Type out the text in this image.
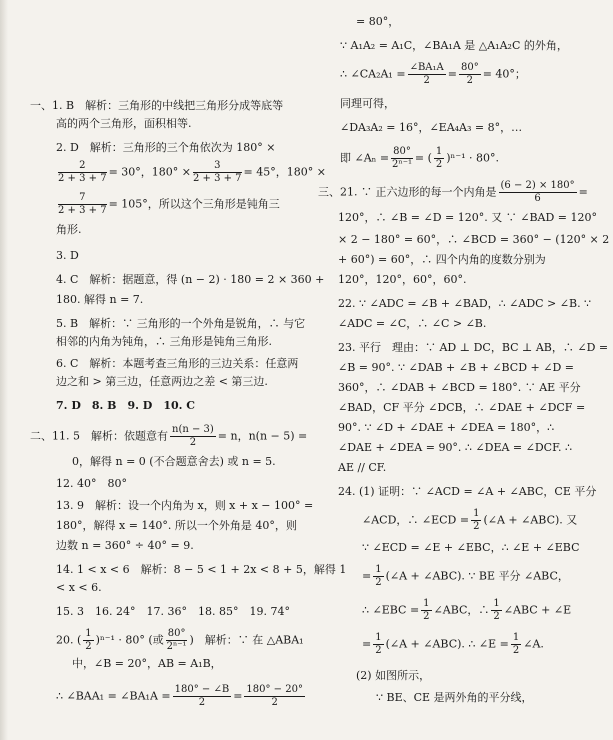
一、1. B　解析：三角形的中线把三角形分成等底等
高的两个三角形，面积相等.
2. D　解析：三角形的三个角依次为 180° ×
$\frac{2}{2 + 3 + 7} = 30^\circ$，$180^\circ \times \frac{3}{2 + 3 + 7} = 45^\circ$，180° ×
$\frac{7}{2 + 3 + 7} = 105^\circ$，所以这个三角形是钝角三
角形.
3. D
4. C　解析：据题意，得 (n − 2) · 180 = 2 × 360 +
180. 解得 n = 7.
5. B　解析：∵ 三角形的一个外角是锐角，∴ 与它
相邻的内角为钝角，∴ 三角形是钝角三角形.
6. C　解析：本题考查三角形的三边关系：任意两
边之和 > 第三边，任意两边之差 < 第三边.
7. D　8. B　9. D　10. C
二、11. 5　解析：依题意有 $\frac{n(n - 3)}{2} = n$，n(n − 5) =
0，解得 n = 0 (不合题意舍去) 或 n = 5.
12. 40°　80°
13. 9　解析：设一个内角为 x，则 x + x − 100° =
180°，解得 x = 140°. 所以一个外角是 40°，则
边数 n = 360° ÷ 40° = 9.
14. 1 < x < 6　解析：8 − 5 < 1 + 2x < 8 + 5，解得 1
< x < 6.
15. 3　16. 24°　17. 36°　18. 85°　19. 74°
20. ( $\frac{1}{2} )^{n-1} \cdot 80^\circ$ (或 $\frac{80^\circ}{\text{2ⁿ⁻¹}}$ )　解析：∵ 在 △ABA₁
中，∠B = 20°，AB = A₁B，
∴ ∠BAA₁ = ∠BA₁A = $\frac{180^\circ - \angle B}{2} = \frac{180^\circ - 20^\circ}{2}$
= 80°，
∵ A₁A₂ = A₁C，∠BA₁A 是 △A₁A₂C 的外角，
∴ ∠CA₂A₁ = $\frac{\text{∠BA₁A}}{2} = \frac{80^\circ}{2} = 40^\circ$；
同理可得，
∠DA₃A₂ = 16°，∠EA₄A₃ = 8°，…
即 ∠Aₙ = $\frac{80^\circ}{\text{2ⁿ⁻¹}}$ = ( $\frac{1}{2} )^{n-1} \cdot 80^\circ$.
三、21. ∵ 正六边形的每一个内角是 $\frac{(6 - 2) \times 180^\circ}{6}$ =
120°，∴ ∠B = ∠D = 120°. 又 ∵ ∠BAD = 120°
× 2 − 180° = 60°，∴ ∠BCD = 360° − (120° × 2
+ 60°) = 60°，∴ 四个内角的度数分别为
120°，120°，60°，60°.
22. ∵ ∠ADC = ∠B + ∠BAD，∴ ∠ADC > ∠B. ∵
∠ADC = ∠C，∴ ∠C > ∠B.
23. 平行　理由：∵ AD ⊥ DC，BC ⊥ AB，∴ ∠D =
∠B = 90°. ∵ ∠DAB + ∠B + ∠BCD + ∠D =
360°，∴ ∠DAB + ∠BCD = 180°. ∵ AE 平分
∠BAD，CF 平分 ∠DCB，∴ ∠DAE + ∠DCF =
90°. ∵ ∠D + ∠DAE + ∠DEA = 180°，∴
∠DAE + ∠DEA = 90°. ∴ ∠DEA = ∠DCF. ∴
AE // CF.
24. (1) 证明：∵ ∠ACD = ∠A + ∠ABC，CE 平分
∠ACD，∴ ∠ECD = $\frac{1}{2}$ (∠A + ∠ABC). 又
∵ ∠ECD = ∠E + ∠EBC，∴ ∠E + ∠EBC
= $\frac{1}{2}$ (∠A + ∠ABC). ∵ BE 平分 ∠ABC，
∴ ∠EBC = $\frac{1}{2}$ ∠ABC，∴ $\frac{1}{2}$ ∠ABC + ∠E
= $\frac{1}{2}$ (∠A + ∠ABC). ∴ ∠E = $\frac{1}{2}$ ∠A.
(2) 如图所示，
∵ BE、CE 是两外角的平分线，
